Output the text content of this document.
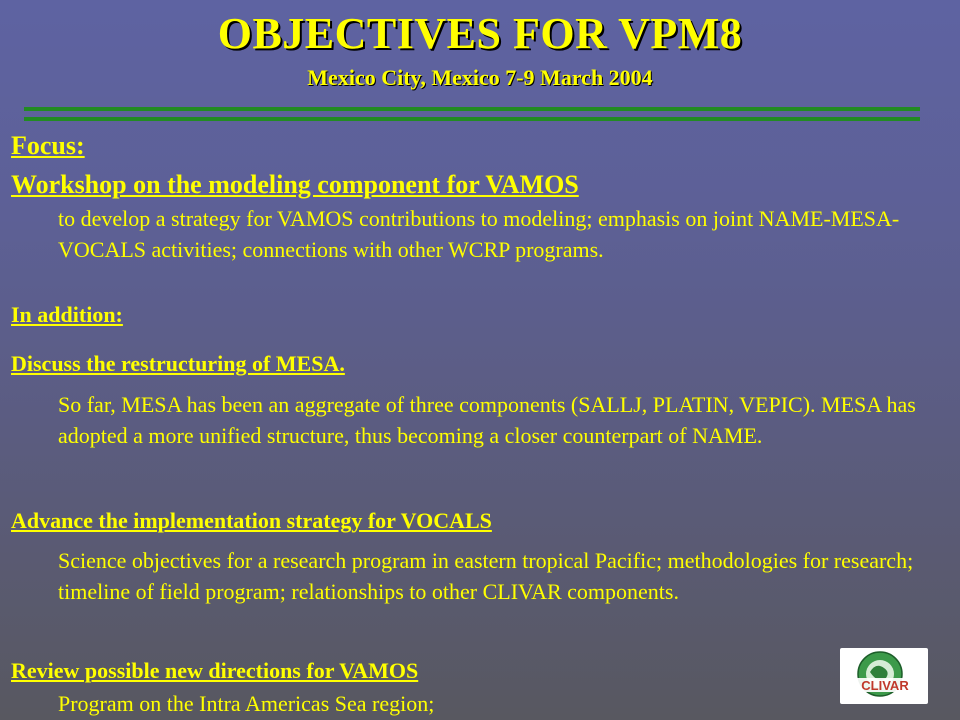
OBJECTIVES FOR VPM8
Mexico City, Mexico 7-9 March 2004
Focus:
Workshop on the modeling component for VAMOS

to develop a strategy for VAMOS contributions to modeling; emphasis on joint NAME-MESA-VOCALS activities; connections with other WCRP programs.

In addition:
Discuss the restructuring of MESA.

So far, MESA has been an aggregate of three components (SALLJ, PLATIN, VEPIC). MESA has adopted a more unified structure, thus becoming a closer counterpart of NAME.

Advance the implementation strategy for VOCALS

Science objectives for a research program in eastern tropical Pacific; methodologies for research; timeline of field program; relationships to other CLIVAR components.

Review possible new directions for VAMOS

Program on the Intra Americas Sea region;

CLIVAR
